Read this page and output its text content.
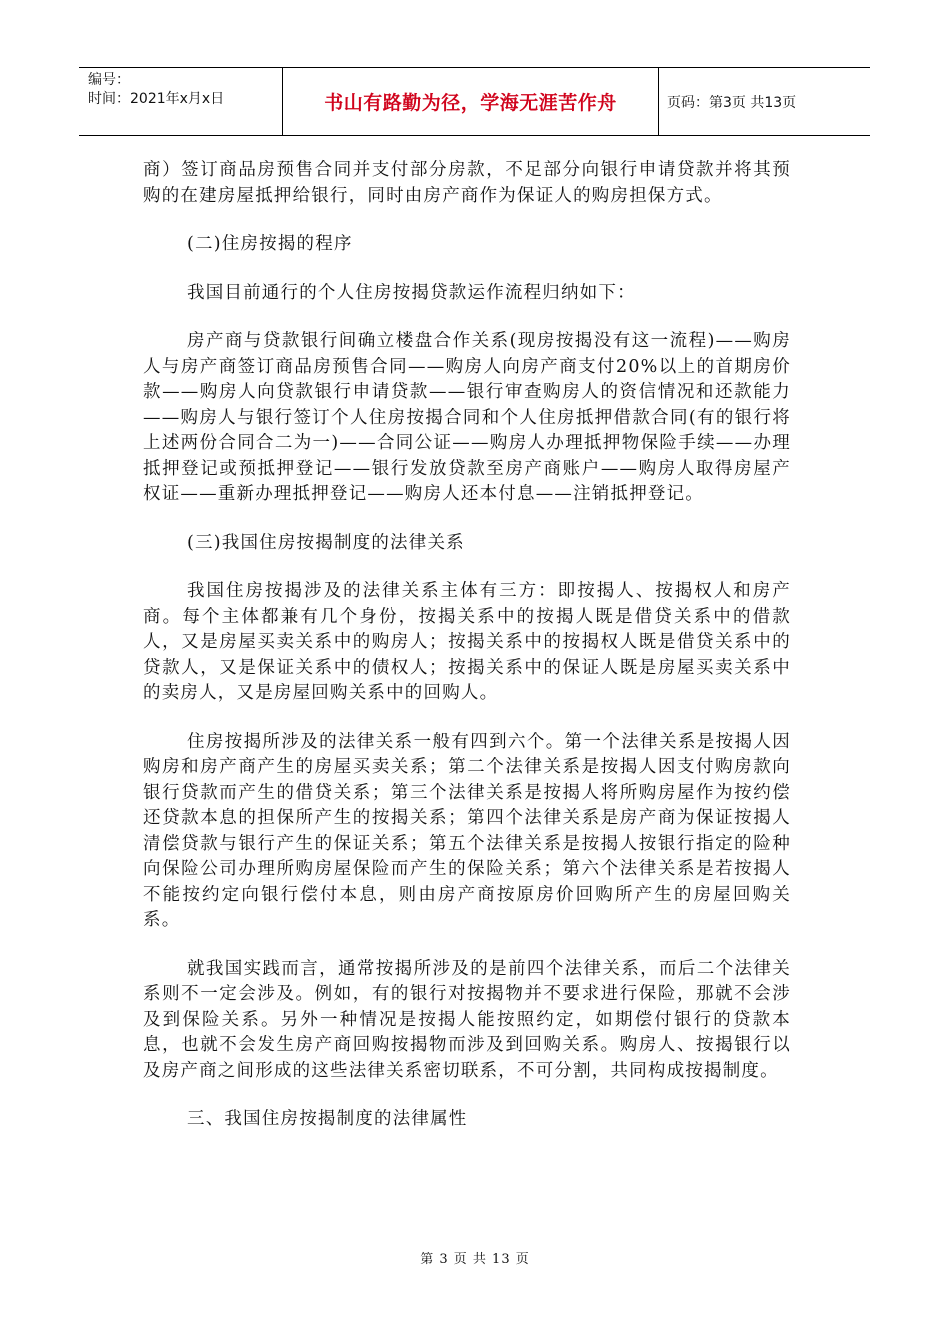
编号：
时间：2021年x月x日	书山有路勤为径，学海无涯苦作舟	页码：第3页 共13页

商）签订商品房预售合同并支付部分房款，不足部分向银行申请贷款并将其预购的在建房屋抵押给银行，同时由房产商作为保证人的购房担保方式。

(二)住房按揭的程序

我国目前通行的个人住房按揭贷款运作流程归纳如下：

房产商与贷款银行间确立楼盘合作关系(现房按揭没有这一流程)——购房人与房产商签订商品房预售合同——购房人向房产商支付20%以上的首期房价款——购房人向贷款银行申请贷款——银行审查购房人的资信情况和还款能力——购房人与银行签订个人住房按揭合同和个人住房抵押借款合同(有的银行将上述两份合同合二为一)——合同公证——购房人办理抵押物保险手续——办理抵押登记或预抵押登记——银行发放贷款至房产商账户——购房人取得房屋产权证——重新办理抵押登记——购房人还本付息——注销抵押登记。

(三)我国住房按揭制度的法律关系

我国住房按揭涉及的法律关系主体有三方：即按揭人、按揭权人和房产商。每个主体都兼有几个身份，按揭关系中的按揭人既是借贷关系中的借款人，又是房屋买卖关系中的购房人；按揭关系中的按揭权人既是借贷关系中的贷款人，又是保证关系中的债权人；按揭关系中的保证人既是房屋买卖关系中的卖房人，又是房屋回购关系中的回购人。

住房按揭所涉及的法律关系一般有四到六个。第一个法律关系是按揭人因购房和房产商产生的房屋买卖关系；第二个法律关系是按揭人因支付购房款向银行贷款而产生的借贷关系；第三个法律关系是按揭人将所购房屋作为按约偿还贷款本息的担保所产生的按揭关系；第四个法律关系是房产商为保证按揭人清偿贷款与银行产生的保证关系；第五个法律关系是按揭人按银行指定的险种向保险公司办理所购房屋保险而产生的保险关系；第六个法律关系是若按揭人不能按约定向银行偿付本息，则由房产商按原房价回购所产生的房屋回购关系。

就我国实践而言，通常按揭所涉及的是前四个法律关系，而后二个法律关系则不一定会涉及。例如，有的银行对按揭物并不要求进行保险，那就不会涉及到保险关系。另外一种情况是按揭人能按照约定，如期偿付银行的贷款本息，也就不会发生房产商回购按揭物而涉及到回购关系。购房人、按揭银行以及房产商之间形成的这些法律关系密切联系，不可分割，共同构成按揭制度。

三、我国住房按揭制度的法律属性

第 3 页 共 13 页
